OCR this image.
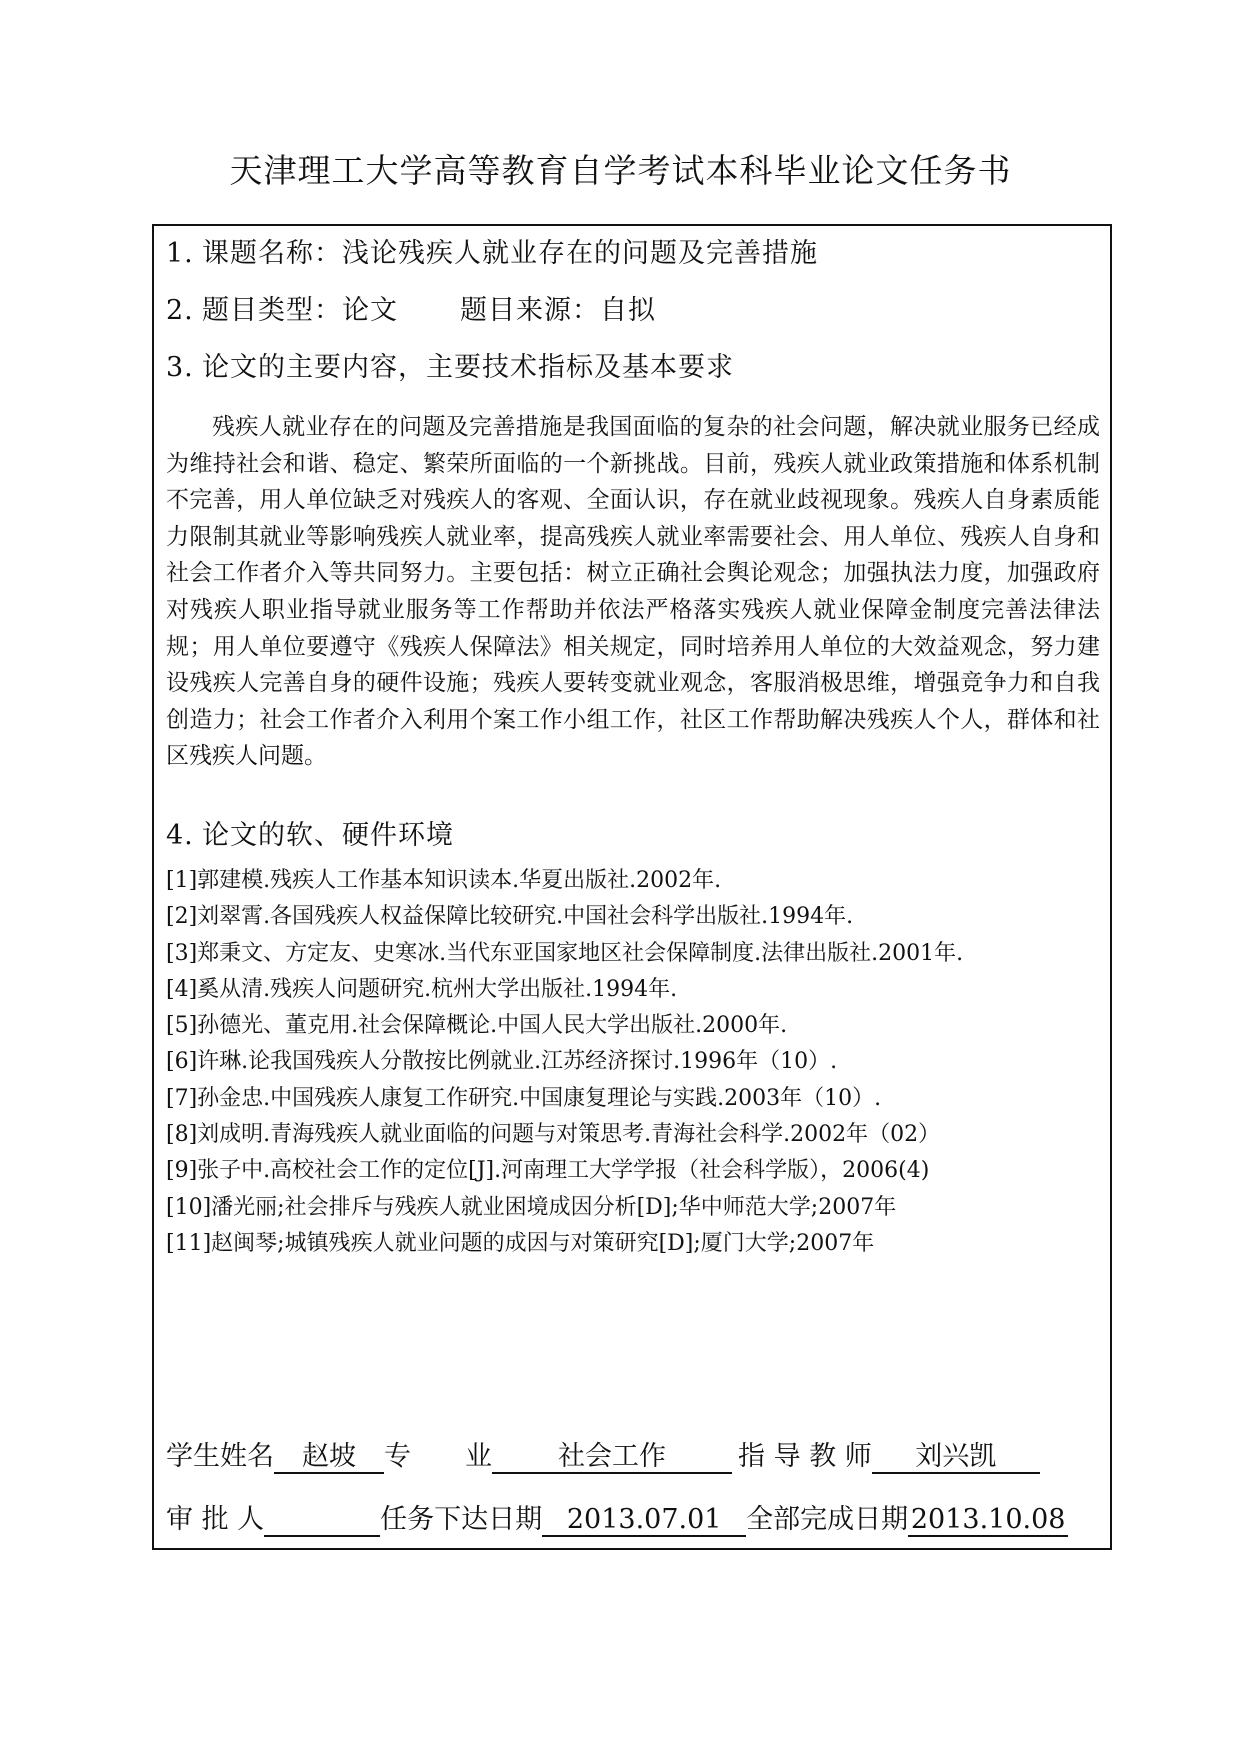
天津理工大学高等教育自学考试本科毕业论文任务书
1. 课题名称：浅论残疾人就业存在的问题及完善措施
2. 题目类型：论文 题目来源：自拟
3. 论文的主要内容，主要技术指标及基本要求
残疾人就业存在的问题及完善措施是我国面临的复杂的社会问题，解决就业服务已经成为维持社会和谐、稳定、繁荣所面临的一个新挑战。目前，残疾人就业政策措施和体系机制不完善，用人单位缺乏对残疾人的客观、全面认识，存在就业歧视现象。残疾人自身素质能力限制其就业等影响残疾人就业率，提高残疾人就业率需要社会、用人单位、残疾人自身和社会工作者介入等共同努力。主要包括：树立正确社会舆论观念；加强执法力度，加强政府对残疾人职业指导就业服务等工作帮助并依法严格落实残疾人就业保障金制度完善法律法规；用人单位要遵守《残疾人保障法》相关规定，同时培养用人单位的大效益观念，努力建设残疾人完善自身的硬件设施；残疾人要转变就业观念，客服消极思维，增强竞争力和自我创造力；社会工作者介入利用个案工作小组工作，社区工作帮助解决残疾人个人，群体和社区残疾人问题。
4. 论文的软、硬件环境
[1]郭建模.残疾人工作基本知识读本.华夏出版社.2002年.
[2]刘翠霄.各国残疾人权益保障比较研究.中国社会科学出版社.1994年.
[3]郑秉文、方定友、史寒冰.当代东亚国家地区社会保障制度.法律出版社.2001年.
[4]奚从清.残疾人问题研究.杭州大学出版社.1994年.
[5]孙德光、董克用.社会保障概论.中国人民大学出版社.2000年.
[6]许琳.论我国残疾人分散按比例就业.江苏经济探讨.1996年（10）.
[7]孙金忠.中国残疾人康复工作研究.中国康复理论与实践.2003年（10）.
[8]刘成明.青海残疾人就业面临的问题与对策思考.青海社会科学.2002年（02）
[9]张子中.高校社会工作的定位[J].河南理工大学学报（社会科学版），2006(4)
[10]潘光丽;社会排斥与残疾人就业困境成因分析[D];华中师范大学;2007年
[11]赵闽琴;城镇残疾人就业问题的成因与对策研究[D];厦门大学;2007年
学生姓名 赵坡 专　　业 社会工作	指 导 教 师 刘兴凯
审 批 人	任务下达日期 2013.07.01 全部完成日期 2013.10.08
